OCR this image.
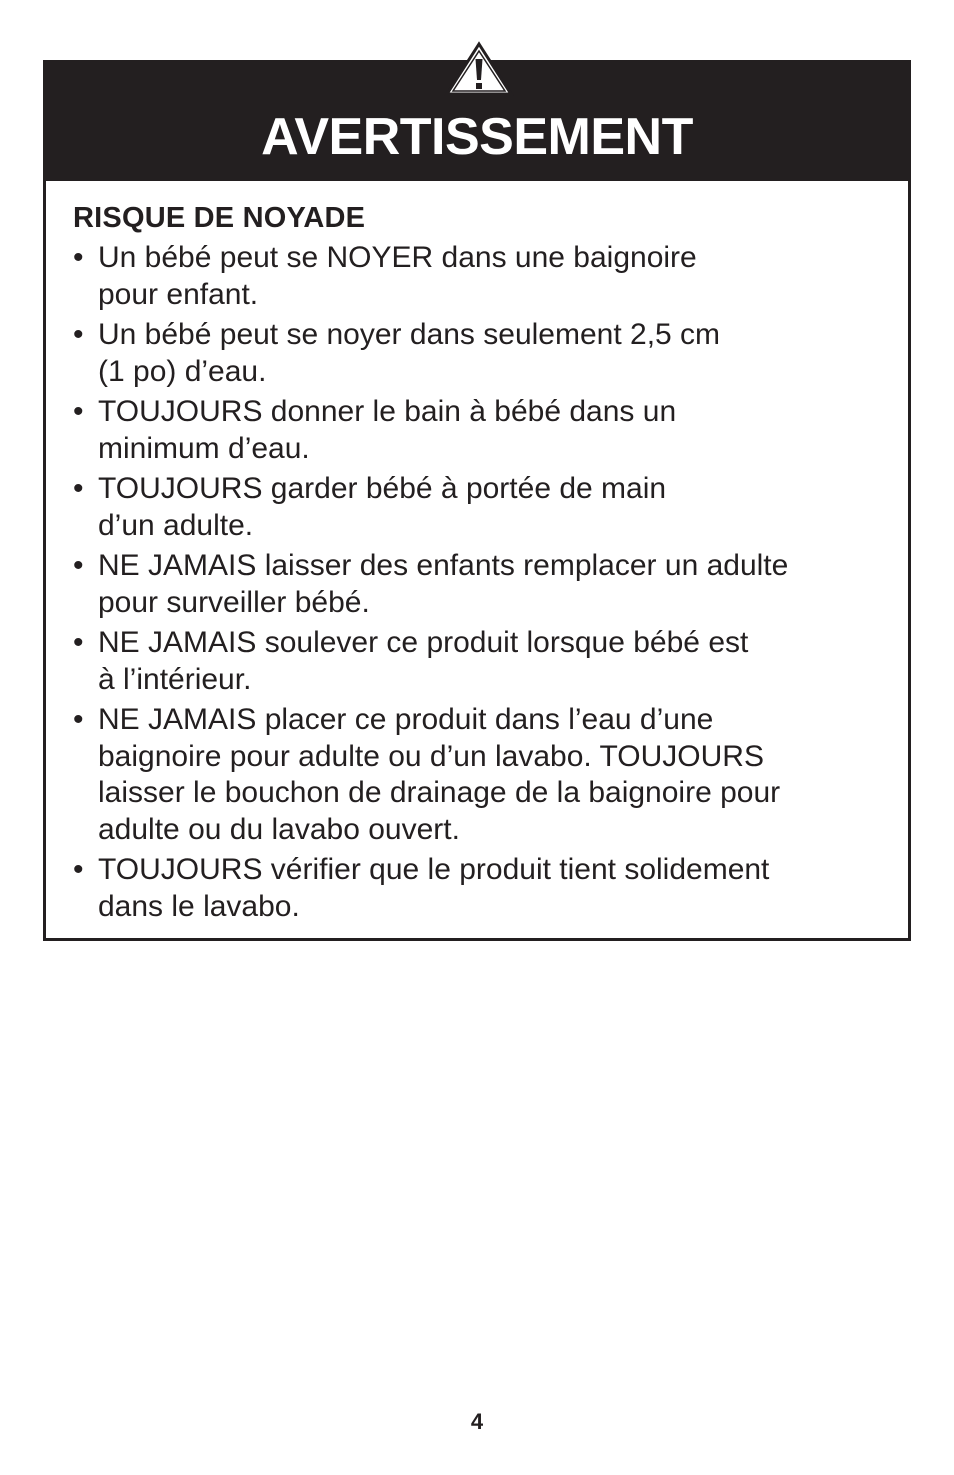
AVERTISSEMENT
RISQUE DE NOYADE
• Un bébé peut se NOYER dans une baignoire
pour enfant.
• Un bébé peut se noyer dans seulement 2,5 cm
(1 po) d’eau.
• TOUJOURS donner le bain à bébé dans un
minimum d’eau.
• TOUJOURS garder bébé à portée de main
d’un adulte.
• NE JAMAIS laisser des enfants remplacer un adulte
pour surveiller bébé.
• NE JAMAIS soulever ce produit lorsque bébé est
à l’intérieur.
• NE JAMAIS placer ce produit dans l’eau d’une
baignoire pour adulte ou d’un lavabo. TOUJOURS
laisser le bouchon de drainage de la baignoire pour
adulte ou du lavabo ouvert.
• TOUJOURS vérifier que le produit tient solidement
dans le lavabo.
4
